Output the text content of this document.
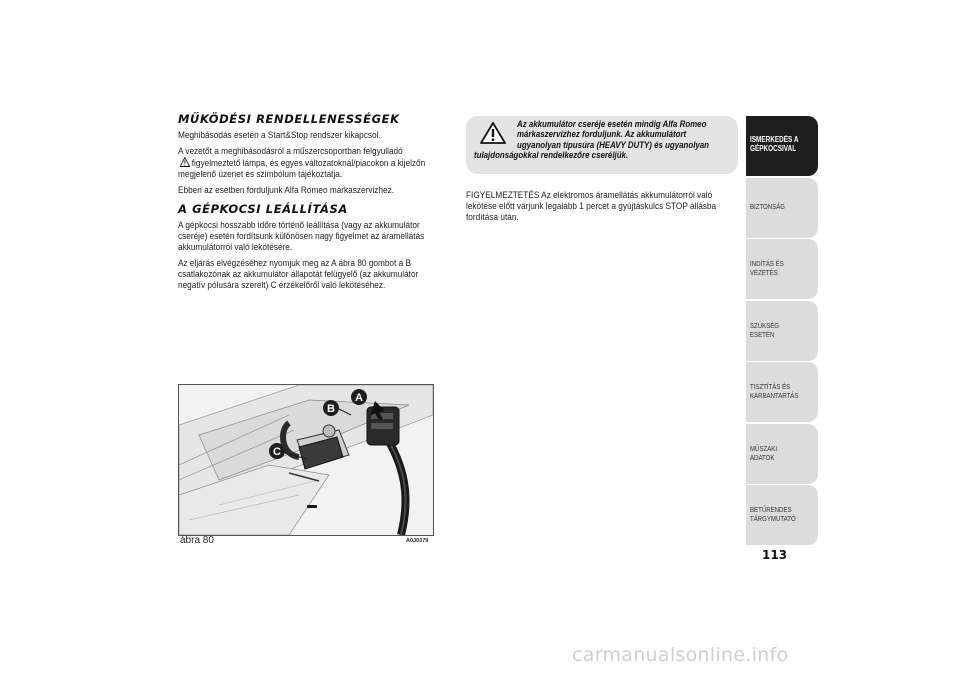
MŰKÖDÉSI RENDELLENESSÉGEK
Meghibásodás esetén a Start&Stop rendszer kikapcsol.
A vezetőt a meghibásodásról a műszercsoportban felgyulladó
figyelmeztető lámpa, és egyes változatoknál/piacokon a kijelzőn megjelenő üzenet és szimbólum tájékoztatja.
Ebben az esetben forduljunk Alfa Romeo márkaszervizhez.
A GÉPKOCSI LEÁLLÍTÁSA
A gépkocsi hosszabb időre történő leállítása (vagy az akkumulátor cseréje) esetén fordítsunk különösen nagy figyelmet az áramellátás akkumulátorról való lekötésére.
Az eljárás elvégzéséhez nyomjuk meg az A ábra 80 gombot a B csatlakozónak az akkumulátor állapotát felügyelő (az akkumulátor negatív pólusára szerelt) C érzékelőről való lekötéséhez.
A
B
C
ábra 80	A0J0379
Az akkumulátor cseréje esetén mindig Alfa Romeo
márkaszervizhez forduljunk. Az akkumulátort
ugyanolyan típusúra (HEAVY DUTY) és ugyanolyan
tulajdonságokkal rendelkezőre cseréljük.
FIGYELMEZTETÉS Az elektromos áramellátás akkumulátorról való lekötése előtt várjunk legalább 1 percet a gyújtáskulcs STOP állásba fordítása után.
ISMERKEDÉS A GÉPKOCSIVAL
BIZTONSÁG
INDÍTÁS ÉS VEZETÉS
SZÜKSÉG ESETÉN
TISZTÍTÁS ÉS KARBANTARTÁS
MŰSZAKI ADATOK
BETŰRENDES TÁRGYMUTATÓ
113
carmanualsonline.info
